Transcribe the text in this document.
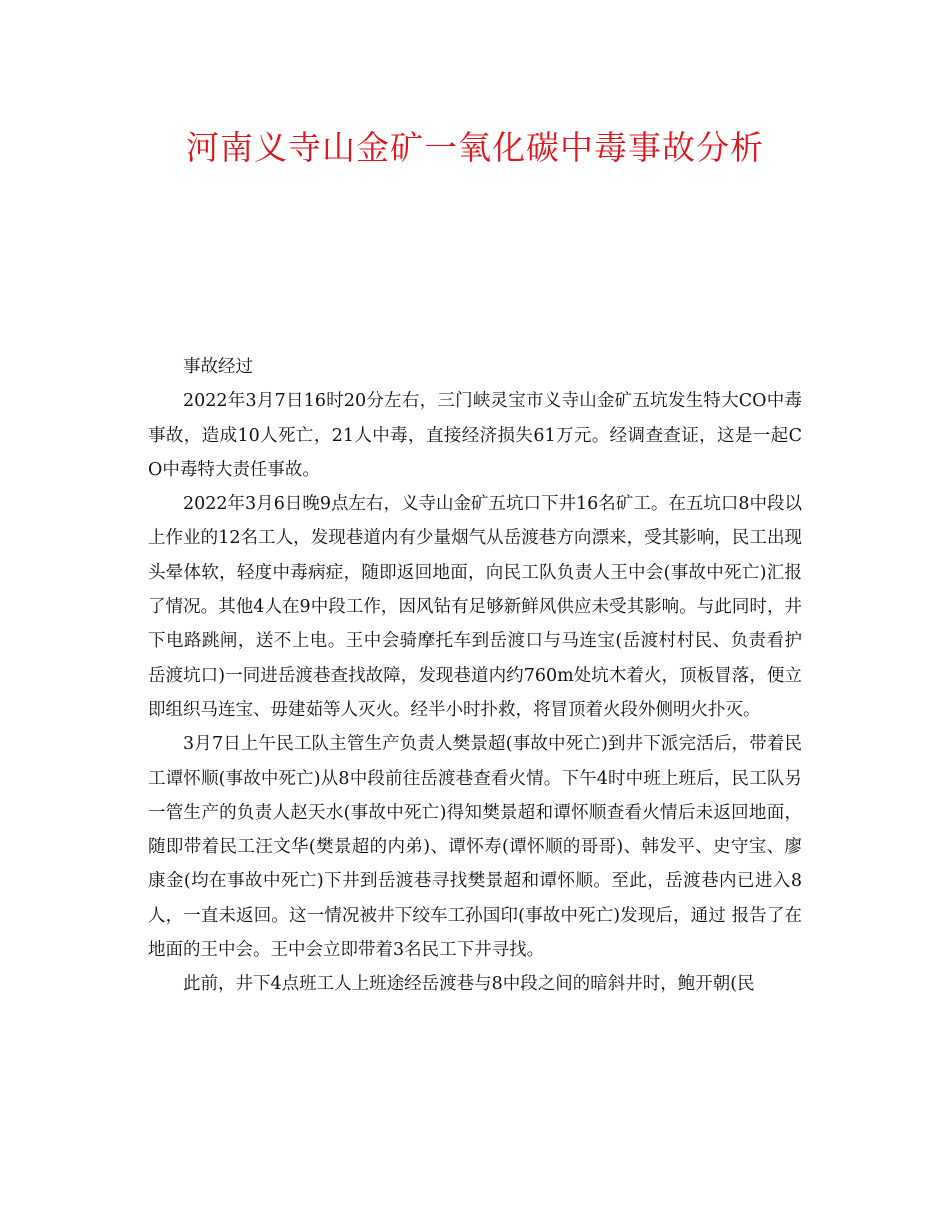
河南义寺山金矿一氧化碳中毒事故分析

事故经过

2022年3月7日16时20分左右，三门峡灵宝市义寺山金矿五坑发生特大CO中毒事故，造成10人死亡，21人中毒，直接经济损失61万元。经调查查证，这是一起CO中毒特大责任事故。

2022年3月6日晚9点左右，义寺山金矿五坑口下井16名矿工。在五坑口8中段以上作业的12名工人，发现巷道内有少量烟气从岳渡巷方向漂来，受其影响，民工出现头晕体软，轻度中毒病症，随即返回地面，向民工队负责人王中会(事故中死亡)汇报了情况。其他4人在9中段工作，因风钻有足够新鲜风供应未受其影响。与此同时，井下电路跳闸，送不上电。王中会骑摩托车到岳渡口与马连宝(岳渡村村民、负责看护岳渡坑口)一同进岳渡巷查找故障，发现巷道内约760m处坑木着火，顶板冒落，便立即组织马连宝、毋建茹等人灭火。经半小时扑救，将冒顶着火段外侧明火扑灭。

3月7日上午民工队主管生产负责人樊景超(事故中死亡)到井下派完活后，带着民工谭怀顺(事故中死亡)从8中段前往岳渡巷查看火情。下午4时中班上班后，民工队另一管生产的负责人赵天水(事故中死亡)得知樊景超和谭怀顺查看火情后未返回地面，随即带着民工汪文华(樊景超的内弟)、谭怀寿(谭怀顺的哥哥)、韩发平、史守宝、廖康金(均在事故中死亡)下井到岳渡巷寻找樊景超和谭怀顺。至此，岳渡巷内已进入8人，一直未返回。这一情况被井下绞车工孙国印(事故中死亡)发现后，通过 报告了在地面的王中会。王中会立即带着3名民工下井寻找。

此前，井下4点班工人上班途经岳渡巷与8中段之间的暗斜井时，鲍开朝(民
